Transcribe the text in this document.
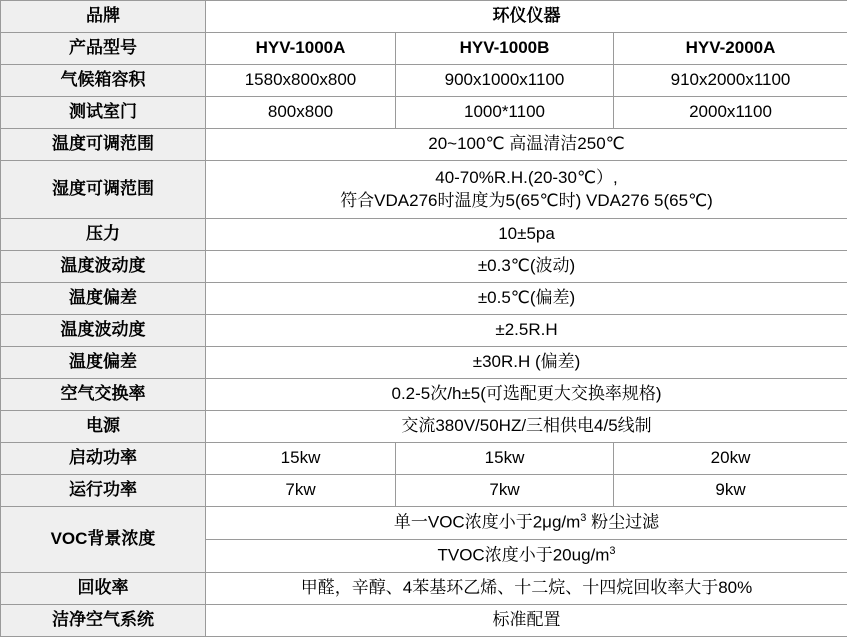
品牌	环仪仪器		
产品型号	HYV-1000A	HYV-1000B	HYV-2000A
气候箱容积	1580x800x800	900x1000x1100	910x2000x1100
测试室门	800x800	1000*1100	2000x1100
温度可调范围	20~100℃ 高温清洁250℃		
湿度可调范围	40-70%R.H.(20-30℃）,
符合VDA276时温度为5(65℃时) VDA276 5(65℃)		

压力	10±5pa		
温度波动度	±0.3℃(波动)		
温度偏差	±0.5℃(偏差)		
温度波动度	±2.5R.H		
温度偏差	±30R.H (偏差)		
空气交换率	0.2-5次/h±5(可选配更大交换率规格)		
电源	交流380V/50HZ/三相供电4/5线制		
启动功率	15kw	15kw	20kw
运行功率	7kw	7kw	9kw
VOC背景浓度	单一VOC浓度小于$2\mu g/m^3$ 粉尘过滤		
	TVOC浓度小于$20ug/m^3$
回收率	甲醛，辛醇、4苯基环乙烯、十二烷、十四烷回收率大于80%		
洁净空气系统	标准配置		
